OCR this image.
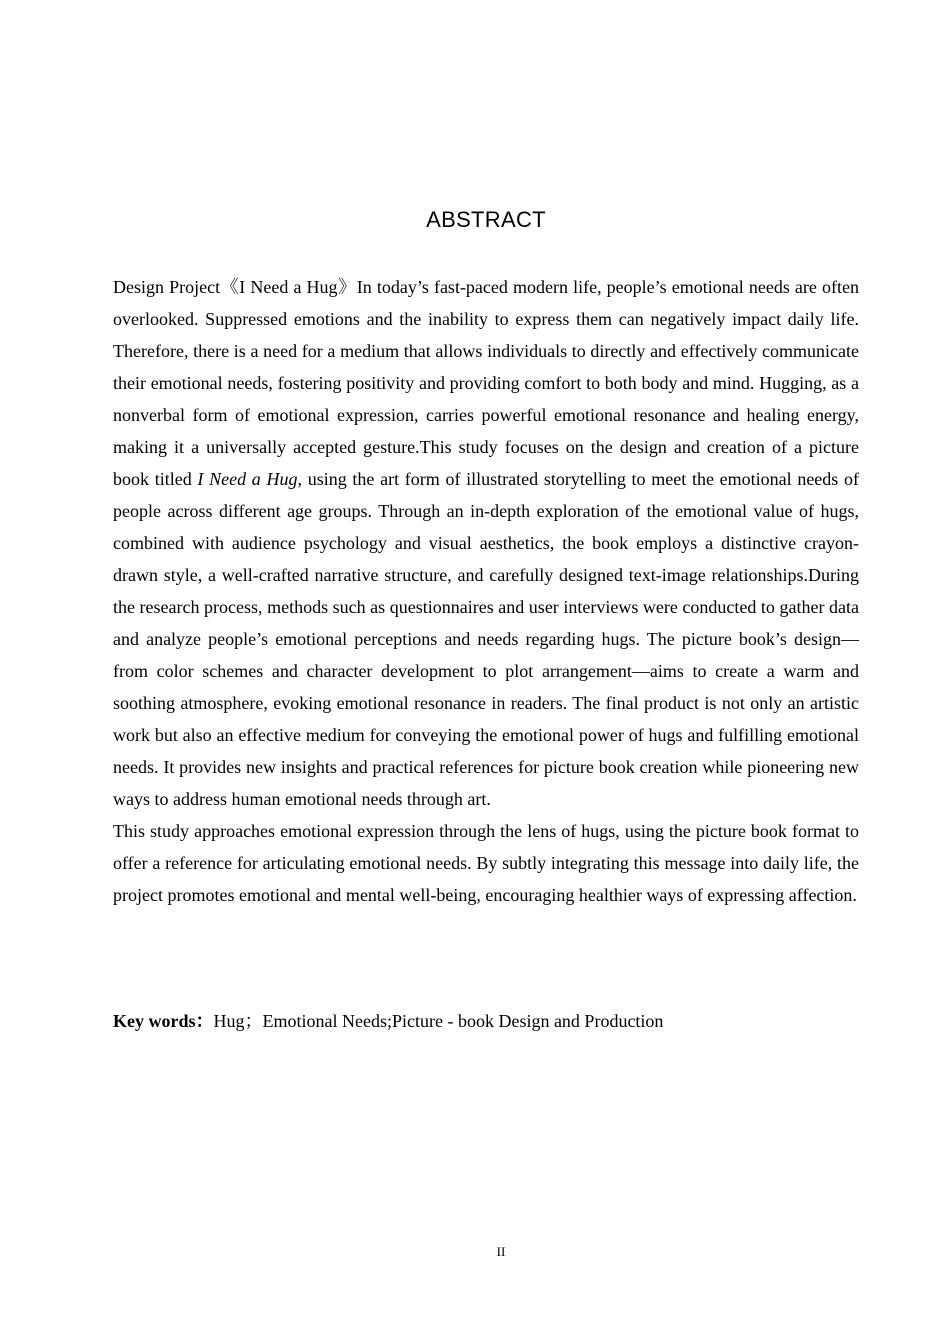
ABSTRACT

Design Project《I Need a Hug》In today’s fast-paced modern life, people’s emotional needs are often overlooked. Suppressed emotions and the inability to express them can negatively impact daily life. Therefore, there is a need for a medium that allows individuals to directly and effectively communicate their emotional needs, fostering positivity and providing comfort to both body and mind. Hugging, as a nonverbal form of emotional expression, carries powerful emotional resonance and healing energy, making it a universally accepted gesture.This study focuses on the design and creation of a picture book titled I Need a Hug, using the art form of illustrated storytelling to meet the emotional needs of people across different age groups. Through an in-depth exploration of the emotional value of hugs, combined with audience psychology and visual aesthetics, the book employs a distinctive crayon-drawn style, a well-crafted narrative structure, and carefully designed text-image relationships.During the research process, methods such as questionnaires and user interviews were conducted to gather data and analyze people’s emotional perceptions and needs regarding hugs. The picture book’s design—from color schemes and character development to plot arrangement—aims to create a warm and soothing atmosphere, evoking emotional resonance in readers. The final product is not only an artistic work but also an effective medium for conveying the emotional power of hugs and fulfilling emotional needs. It provides new insights and practical references for picture book creation while pioneering new ways to address human emotional needs through art.

This study approaches emotional expression through the lens of hugs, using the picture book format to offer a reference for articulating emotional needs. By subtly integrating this message into daily life, the project promotes emotional and mental well-being, encouraging healthier ways of expressing affection.

Key words：Hug；Emotional Needs;Picture - book Design and Production
II
